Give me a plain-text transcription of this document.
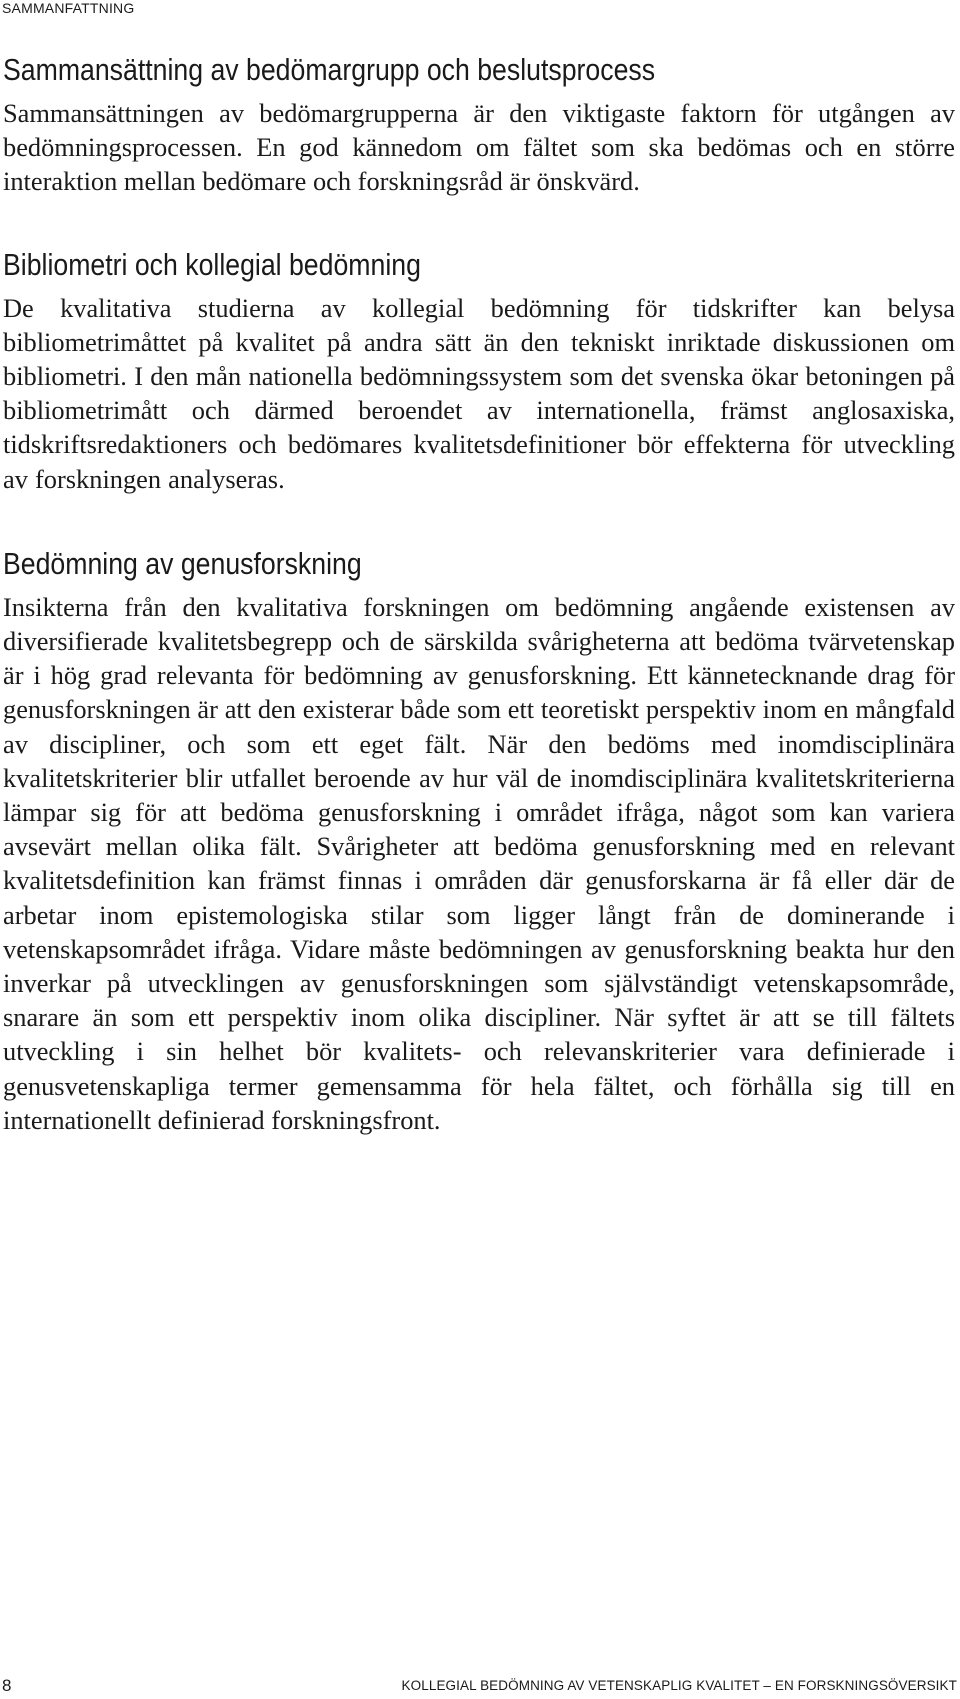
SAMMANFATTNING
Sammansättning av bedömargrupp och beslutsprocess

Sammansättningen av bedömargrupperna är den viktigaste faktorn för utgången av bedömningsprocessen. En god kännedom om fältet som ska bedömas och en större interaktion mellan bedömare och forskningsråd är önskvärd.

Bibliometri och kollegial bedömning

De kvalitativa studierna av kollegial bedömning för tidskrifter kan belysa bibliometrimåttet på kvalitet på andra sätt än den tekniskt inriktade diskussionen om bibliometri. I den mån nationella bedömningssystem som det svenska ökar betoningen på bibliometrimått och därmed beroendet av internationella, främst anglosaxiska, tidskriftsredaktioners och bedömares kvalitetsdefinitioner bör effekterna för utveckling av forskningen analyseras.

Bedömning av genusforskning

Insikterna från den kvalitativa forskningen om bedömning angående existensen av diversifierade kvalitetsbegrepp och de särskilda svårigheterna att bedöma tvärvetenskap är i hög grad relevanta för bedömning av genusforskning. Ett kännetecknande drag för genusforskningen är att den existerar både som ett teoretiskt perspektiv inom en mångfald av discipliner, och som ett eget fält. När den bedöms med inomdisciplinära kvalitetskriterier blir utfallet beroende av hur väl de inomdisciplinära kvalitetskriterierna lämpar sig för att bedöma genusforskning i området ifråga, något som kan variera avsevärt mellan olika fält. Svårigheter att bedöma genusforskning med en relevant kvalitetsdefinition kan främst finnas i områden där genusforskarna är få eller där de arbetar inom epistemologiska stilar som ligger långt från de dominerande i vetenskapsområdet ifråga. Vidare måste bedömningen av genusforskning beakta hur den inverkar på utvecklingen av genusforskningen som självständigt vetenskapsområde, snarare än som ett perspektiv inom olika discipliner. När syftet är att se till fältets utveckling i sin helhet bör kvalitets- och relevanskriterier vara definierade i genusvetenskapliga termer gemensamma för hela fältet, och förhålla sig till en internationellt definierad forskningsfront.

8	KOLLEGIAL BEDÖMNING AV VETENSKAPLIG KVALITET – EN FORSKNINGSÖVERSIKT
